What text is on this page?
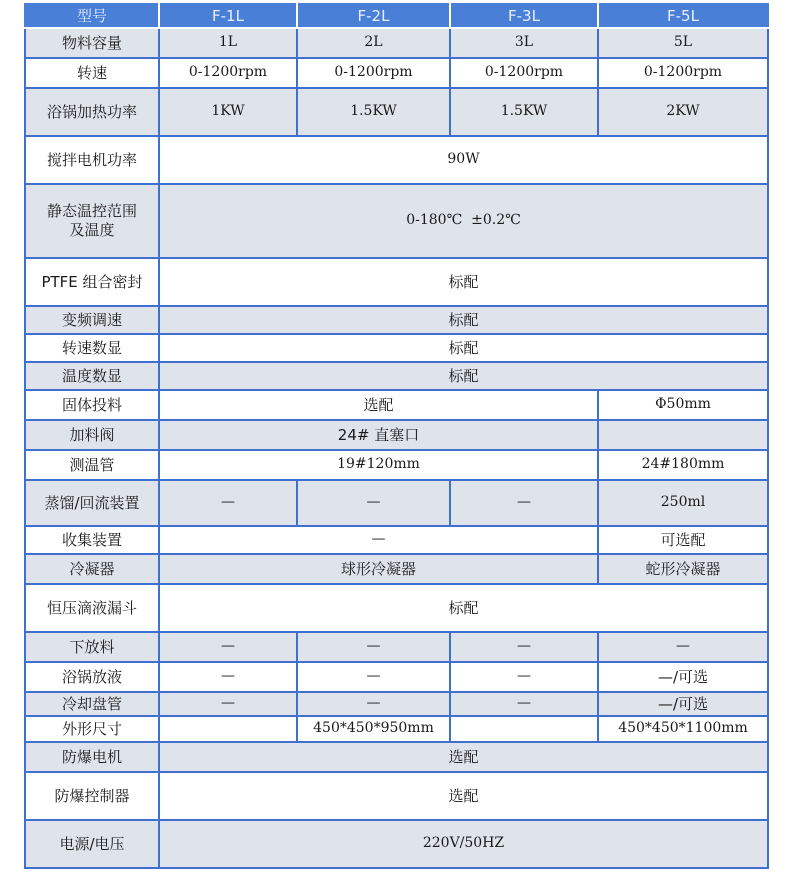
型号	F-1L	F-2L	F-3L	F-5L
物料容量	1L	2L	3L	5L
转速	0-1200rpm	0-1200rpm	0-1200rpm	0-1200rpm
浴锅加热功率	1KW	1.5KW	1.5KW	2KW
搅拌电机功率	90W			
静态温控范围
及温度	0-180℃  ±0.2℃			
PTFE 组合密封	标配			
变频调速	标配			
转速数显	标配			
温度数显	标配			
固体投料	选配			Φ50mm
加料阀	24# 直塞口			
测温管	19#120mm			24#180mm
蒸馏/回流装置	—	—	—	250ml
收集装置	—			可选配
冷凝器	球形冷凝器			蛇形冷凝器
恒压滴液漏斗	标配			
下放料	—	—	—	—
浴锅放液	—	—	—	—/可选
冷却盘管	—	—	—	—/可选
外形尺寸		450*450*950mm		450*450*1100mm
防爆电机	选配			
防爆控制器	选配			
电源/电压	220V/50HZ			
